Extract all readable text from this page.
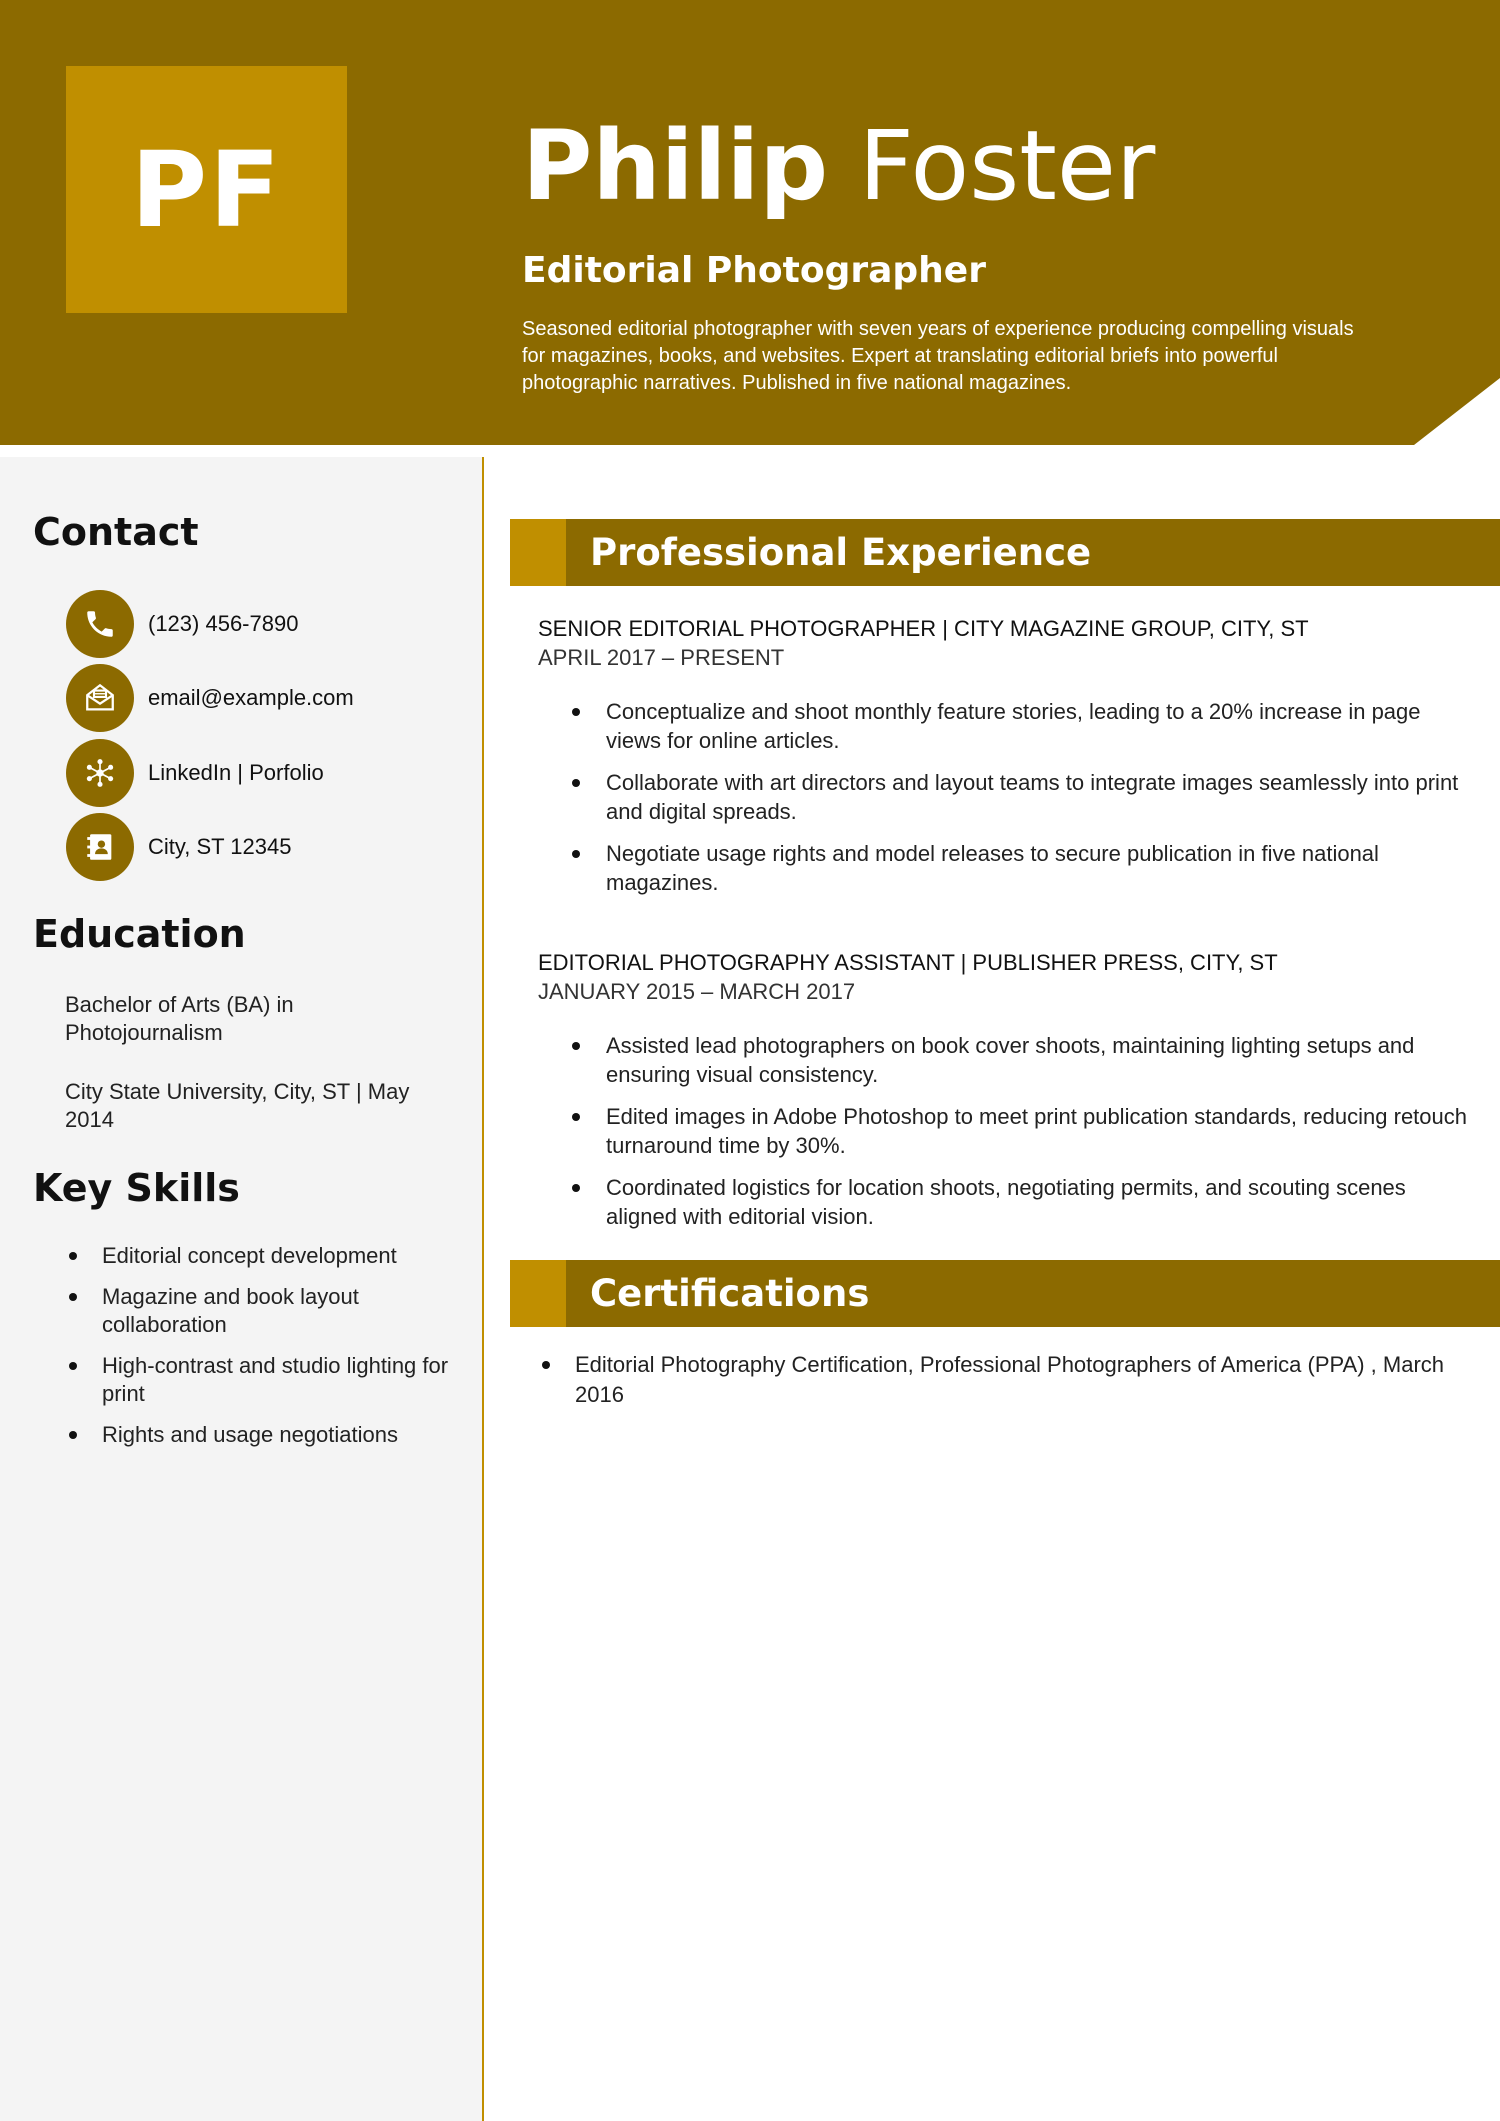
PF	Philip Foster
Editorial Photographer
Seasoned editorial photographer with seven years of experience producing compelling visuals for magazines, books, and websites. Expert at translating editorial briefs into powerful photographic narratives. Published in five national magazines.
Contact
(123) 456-7890
email@example.com
LinkedIn | Porfolio
City, ST 12345
Education
Bachelor of Arts (BA) in Photojournalism
City State University, City, ST | May 2014
Key Skills
Editorial concept development
Magazine and book layout collaboration
High-contrast and studio lighting for print
Rights and usage negotiations
Professional Experience
SENIOR EDITORIAL PHOTOGRAPHER | CITY MAGAZINE GROUP, CITY, ST
APRIL 2017 – PRESENT
Conceptualize and shoot monthly feature stories, leading to a 20% increase in page views for online articles.
Collaborate with art directors and layout teams to integrate images seamlessly into print and digital spreads.
Negotiate usage rights and model releases to secure publication in five national magazines.
EDITORIAL PHOTOGRAPHY ASSISTANT | PUBLISHER PRESS, CITY, ST
JANUARY 2015 – MARCH 2017
Assisted lead photographers on book cover shoots, maintaining lighting setups and ensuring visual consistency.
Edited images in Adobe Photoshop to meet print publication standards, reducing retouch turnaround time by 30%.
Coordinated logistics for location shoots, negotiating permits, and scouting scenes aligned with editorial vision.
Certifications
Editorial Photography Certification, Professional Photographers of America (PPA) , March 2016
